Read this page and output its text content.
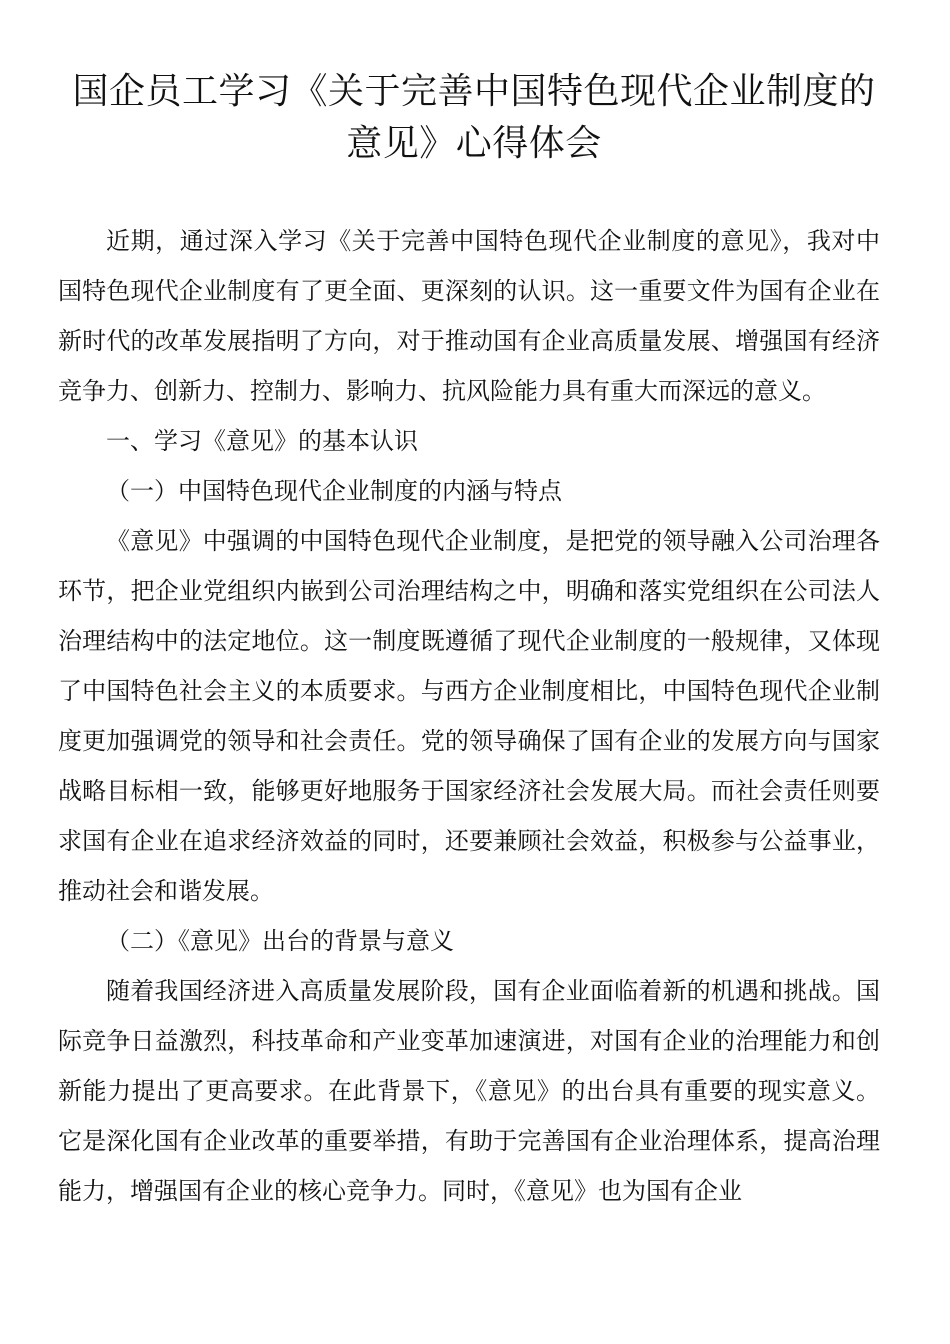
国企员工学习《关于完善中国特色现代企业制度的意见》心得体会

近期，通过深入学习《关于完善中国特色现代企业制度的意见》，我对中国特色现代企业制度有了更全面、更深刻的认识。这一重要文件为国有企业在新时代的改革发展指明了方向，对于推动国有企业高质量发展、增强国有经济竞争力、创新力、控制力、影响力、抗风险能力具有重大而深远的意义。

一、学习《意见》的基本认识

（一）中国特色现代企业制度的内涵与特点

《意见》中强调的中国特色现代企业制度，是把党的领导融入公司治理各环节，把企业党组织内嵌到公司治理结构之中，明确和落实党组织在公司法人治理结构中的法定地位。这一制度既遵循了现代企业制度的一般规律，又体现了中国特色社会主义的本质要求。与西方企业制度相比，中国特色现代企业制度更加强调党的领导和社会责任。党的领导确保了国有企业的发展方向与国家战略目标相一致，能够更好地服务于国家经济社会发展大局。而社会责任则要求国有企业在追求经济效益的同时，还要兼顾社会效益，积极参与公益事业，推动社会和谐发展。

（二）《意见》出台的背景与意义

随着我国经济进入高质量发展阶段，国有企业面临着新的机遇和挑战。国际竞争日益激烈，科技革命和产业变革加速演进，对国有企业的治理能力和创新能力提出了更高要求。在此背景下，《意见》的出台具有重要的现实意义。它是深化国有企业改革的重要举措，有助于完善国有企业治理体系，提高治理能力，增强国有企业的核心竞争力。同时，《意见》也为国有企业
